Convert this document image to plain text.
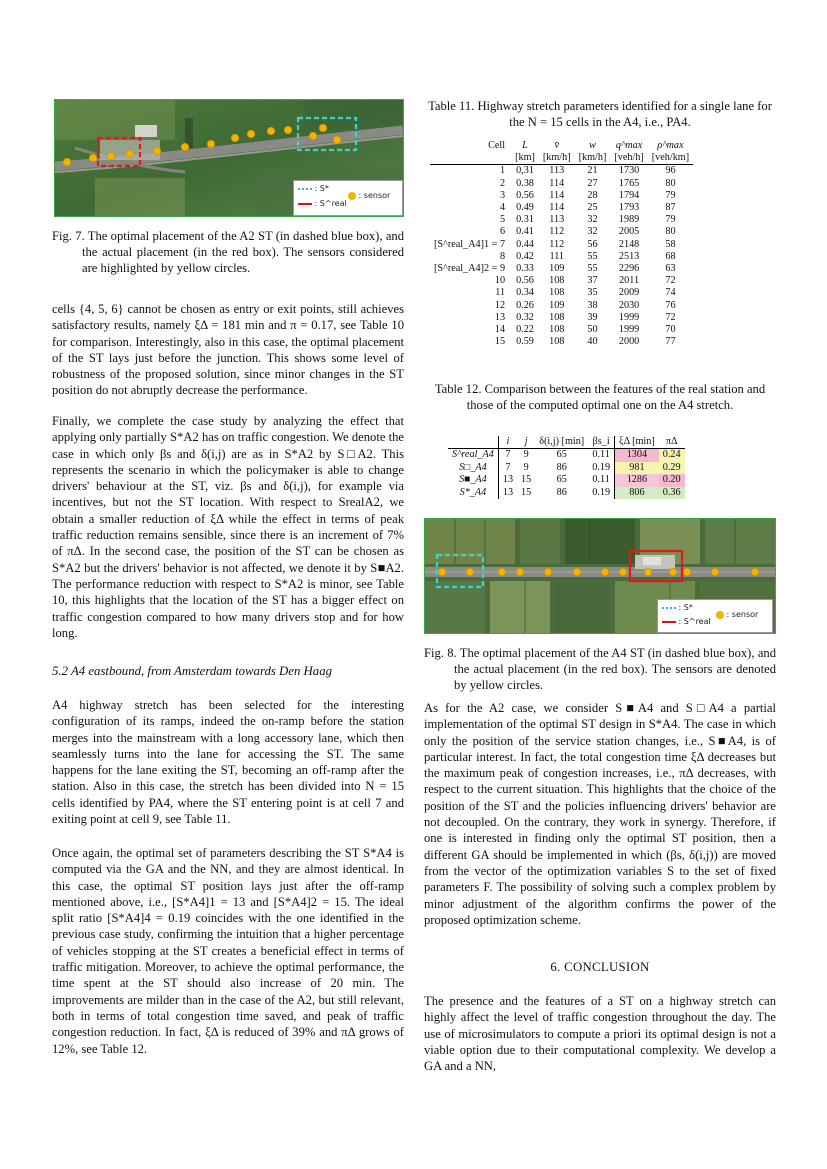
: S*
: S^real
: sensor
Fig. 7. The optimal placement of the A2 ST (in dashed blue box), and the actual placement (in the red box). The sensors considered are highlighted by yellow circles.

cells {4, 5, 6} cannot be chosen as entry or exit points, still achieves satisfactory results, namely ξΔ = 181 min and π = 0.17, see Table 10 for comparison. Interestingly, also in this case, the optimal placement of the ST lays just before the junction. This shows some level of robustness of the proposed solution, since minor changes in the ST position do not abruptly decrease the performance.

Finally, we complete the case study by analyzing the effect that applying only partially S*A2 has on traffic congestion. We denote the case in which only βs and δ(i,j) are as in S*A2 by S□A2. This represents the scenario in which the policymaker is able to change drivers' behaviour at the ST, viz. βs and δ(i,j), for example via incentives, but not the ST location. With respect to SrealA2, we obtain a smaller reduction of ξΔ while the effect in terms of peak traffic reduction remains sensible, since there is an increment of 7% of πΔ. In the second case, the position of the ST can be chosen as S*A2 but the drivers' behavior is not affected, we denote it by S■A2. The performance reduction with respect to S*A2 is minor, see Table 10, this highlights that the location of the ST has a bigger effect on traffic congestion compared to how many drivers stop and for how long.

5.2 A4 eastbound, from Amsterdam towards Den Haag

A4 highway stretch has been selected for the interesting configuration of its ramps, indeed the on-ramp before the station merges into the mainstream with a long accessory lane, which then seamlessly turns into the lane for accessing the ST. The same happens for the lane exiting the ST, becoming an off-ramp after the station. Also in this case, the stretch has been divided into N = 15 cells identified by PA4, where the ST entering point is at cell 7 and exiting point at cell 9, see Table 11.

Once again, the optimal set of parameters describing the ST S*A4 is computed via the GA and the NN, and they are almost identical. In this case, the optimal ST position lays just after the off-ramp mentioned above, i.e., [S*A4]1 = 13 and [S*A4]2 = 15. The ideal split ratio [S*A4]4 = 0.19 coincides with the one identified in the previous case study, confirming the intuition that a higher percentage of vehicles stopping at the ST creates a beneficial effect in terms of traffic mitigation. Moreover, to achieve the optimal performance, the time spent at the ST should also increase of 20 min. The improvements are milder than in the case of the A2, but still relevant, both in terms of total congestion time saved, and peak of traffic congestion reduction. In fact, ξΔ is reduced of 39% and πΔ grows of 12%, see Table 12.

Table 11. Highway stretch parameters identified for a single lane for the N = 15 cells in the A4, i.e., PA4.
Cell	L	v̄	w	q^max	ρ^max
	[km]	[km/h]	[km/h]	[veh/h]	[veh/km]
1	0,31	113	21	1730	96
2	0.38	114	27	1765	80
3	0.56	114	28	1794	79
4	0.49	114	25	1793	87
5	0.31	113	32	1989	79
6	0.41	112	32	2005	80
[S^real_A4]1 = 7	0.44	112	56	2148	58
8	0.42	111	55	2513	68
[S^real_A4]2 = 9	0.33	109	55	2296	63
10	0.56	108	37	2011	72
11	0.34	108	35	2009	74
12	0.26	109	38	2030	76
13	0.32	108	39	1999	72
14	0.22	108	50	1999	70
15	0.59	108	40	2000	77
Table 12. Comparison between the features of the real station and those of the computed optimal one on the A4 stretch.
	i	j	δ(i,j) [min]	βs_i	ξΔ [min]	πΔ
S^real_A4	7	9	65	0.11	1304	0.24
S□_A4	7	9	86	0.19	981	0.29
S■_A4	13	15	65	0.11	1286	0.20
S*_A4	13	15	86	0.19	806	0.36
: S*
: S^real
: sensor
Fig. 8. The optimal placement of the A4 ST (in dashed blue box), and the actual placement (in the red box). The sensors are denoted by yellow circles.

As for the A2 case, we consider S■A4 and S□A4 a partial implementation of the optimal ST design in S*A4. The case in which only the position of the service station changes, i.e., S■A4, is of particular interest. In fact, the total congestion time ξΔ decreases but the maximum peak of congestion increases, i.e., πΔ decreases, with respect to the current situation. This highlights that the choice of the position of the ST and the policies influencing drivers' behavior are not decoupled. On the contrary, they work in synergy. Therefore, if one is interested in finding only the optimal ST position, then a different GA should be implemented in which (βs, δ(i,j)) are moved from the vector of the optimization variables S to the set of fixed parameters F. The possibility of solving such a complex problem by minor adjustment of the algorithm confirms the power of the proposed optimization scheme.

6. CONCLUSION

The presence and the features of a ST on a highway stretch can highly affect the level of traffic congestion throughout the day. The use of microsimulators to compute a priori its optimal design is not a viable option due to their computational complexity. We develop a GA and a NN,
